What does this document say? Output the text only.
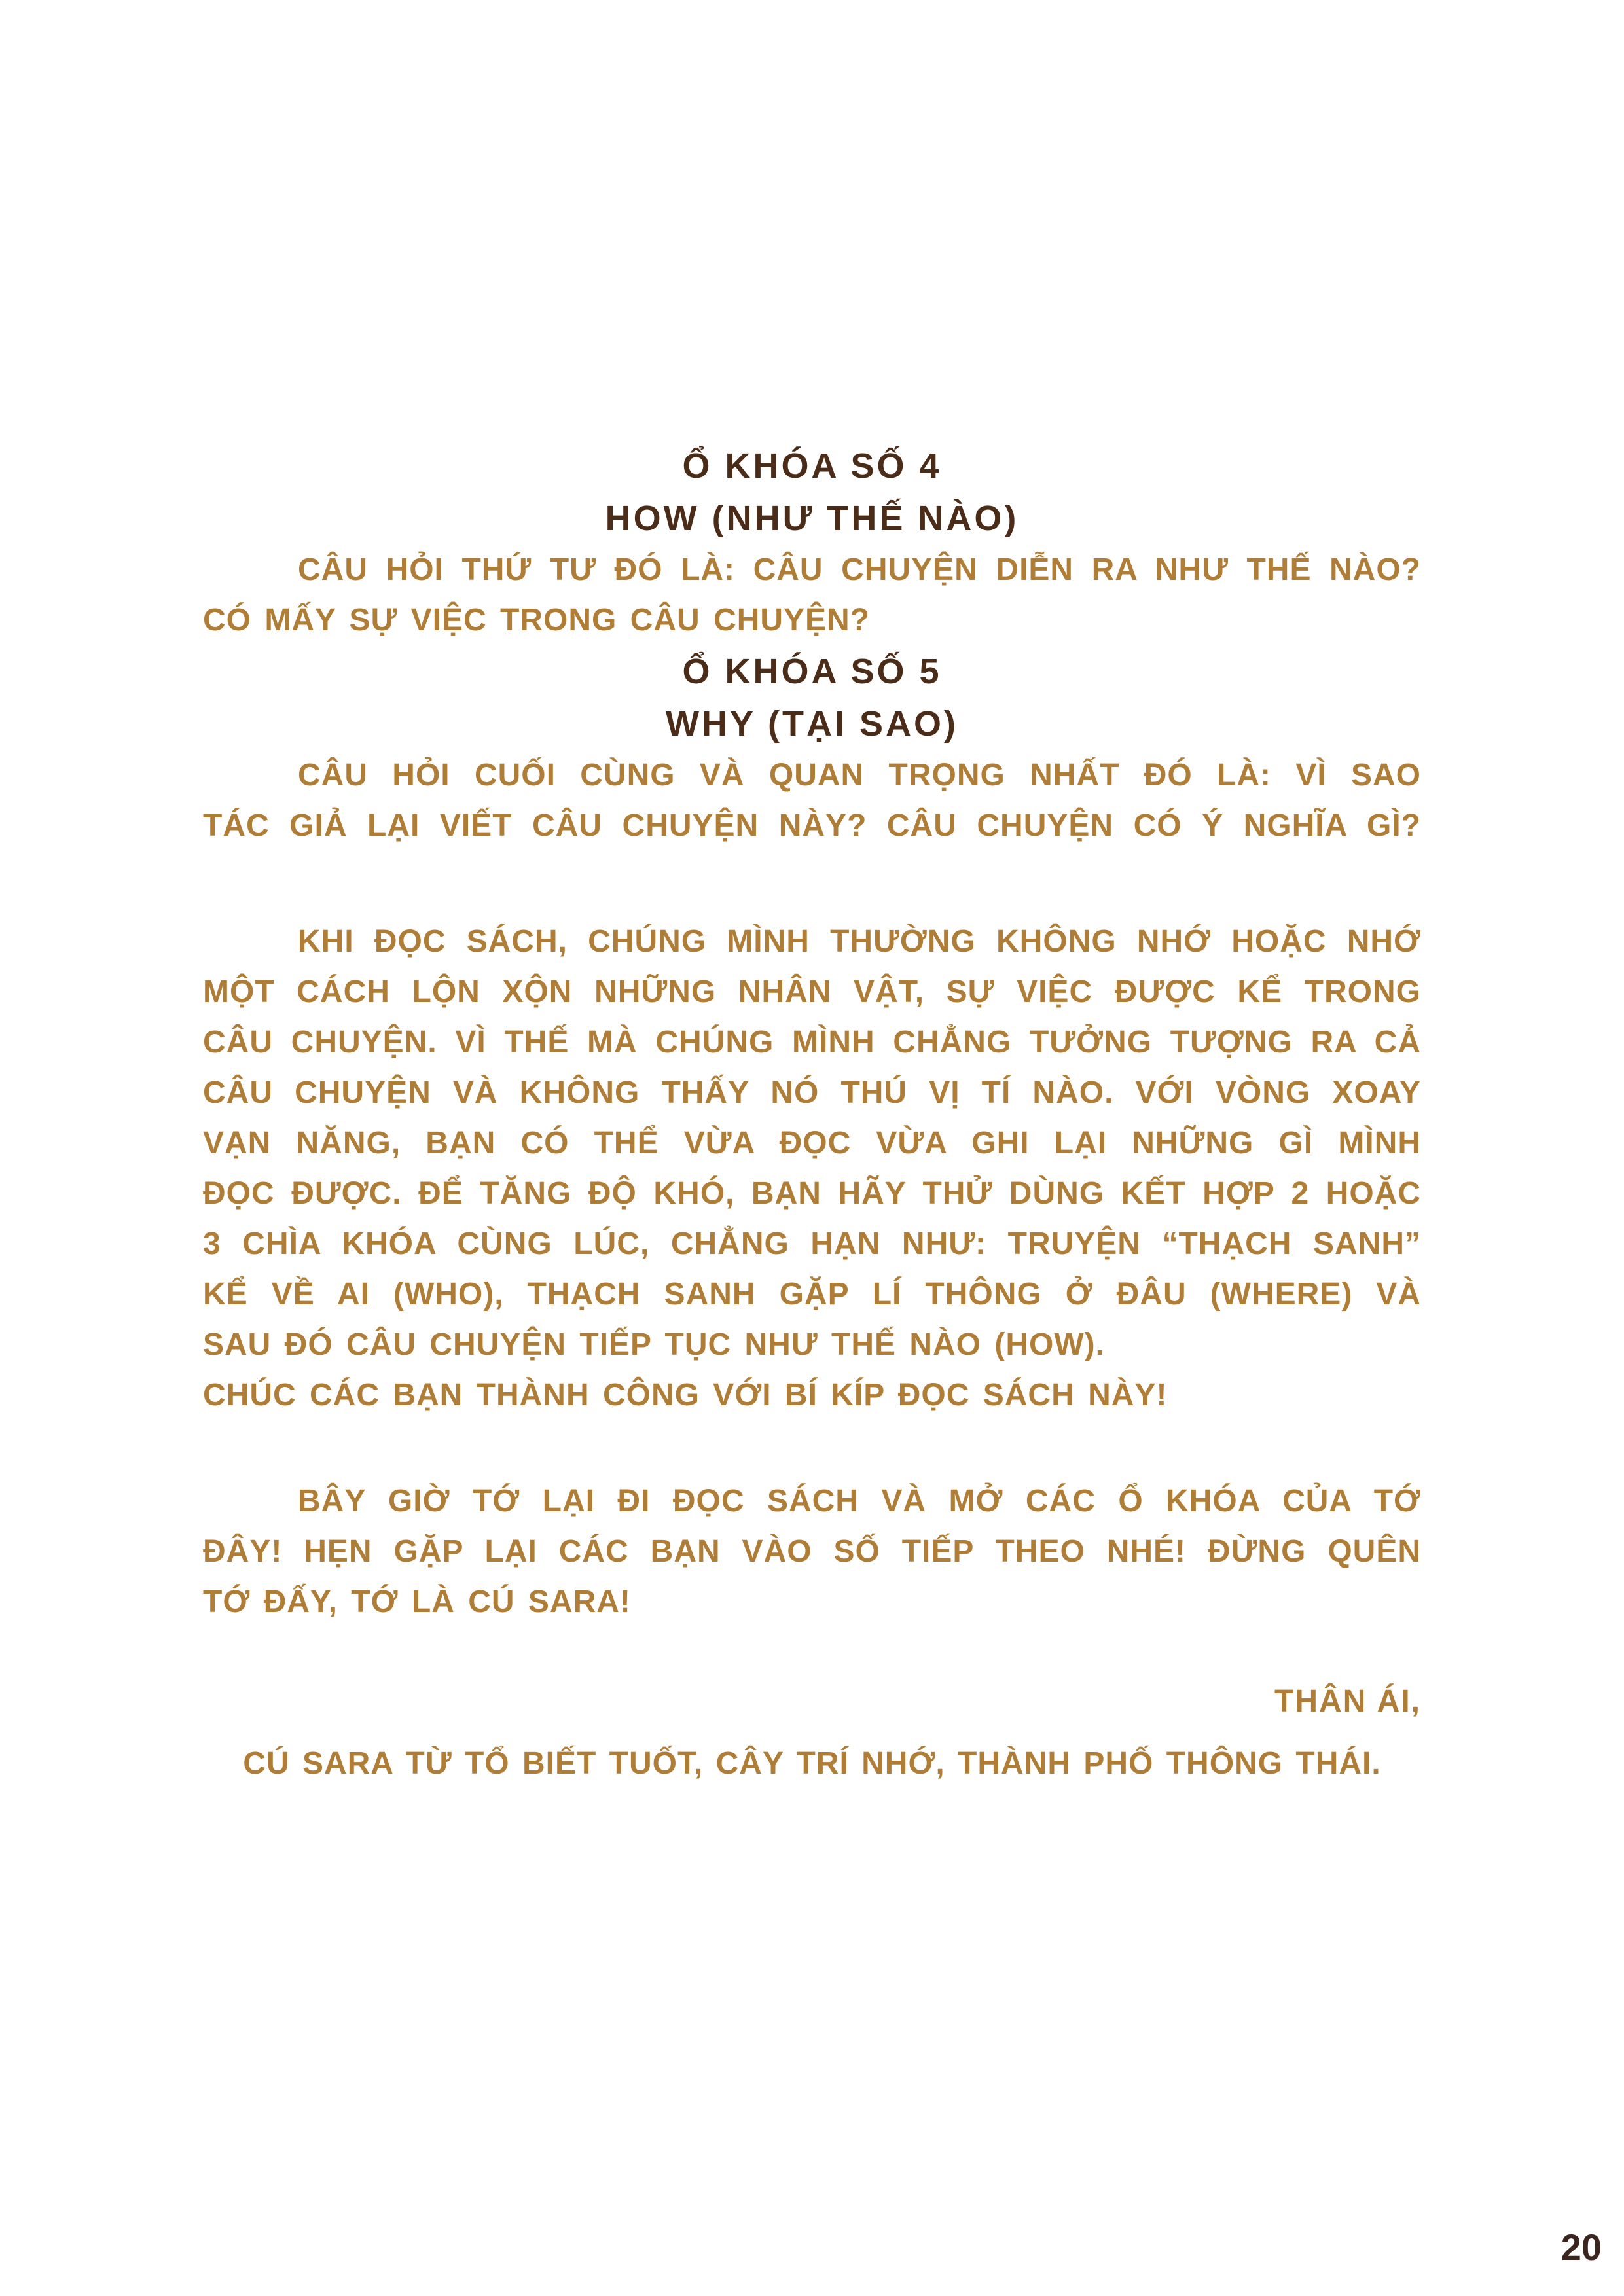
Ổ KHÓA SỐ 4
HOW (NHƯ THẾ NÀO)
CÂU HỎI THỨ TƯ ĐÓ LÀ: CÂU CHUYỆN DIỄN RA NHƯ THẾ NÀO?
CÓ MẤY SỰ VIỆC TRONG CÂU CHUYỆN?
Ổ KHÓA SỐ 5
WHY (TẠI SAO)
CÂU HỎI CUỐI CÙNG VÀ QUAN TRỌNG NHẤT ĐÓ LÀ: VÌ SAO
TÁC GIẢ LẠI VIẾT CÂU CHUYỆN NÀY? CÂU CHUYỆN CÓ Ý NGHĨA GÌ?
KHI ĐỌC SÁCH, CHÚNG MÌNH THƯỜNG KHÔNG NHỚ HOẶC NHỚ
MỘT CÁCH LỘN XỘN NHỮNG NHÂN VẬT, SỰ VIỆC ĐƯỢC KỂ TRONG
CÂU CHUYỆN. VÌ THẾ MÀ CHÚNG MÌNH CHẲNG TƯỞNG TƯỢNG RA CẢ
CÂU CHUYỆN VÀ KHÔNG THẤY NÓ THÚ VỊ TÍ NÀO. VỚI VÒNG XOAY
VẠN NĂNG, BẠN CÓ THỂ VỪA ĐỌC VỪA GHI LẠI NHỮNG GÌ MÌNH
ĐỌC ĐƯỢC. ĐỂ TĂNG ĐỘ KHÓ, BẠN HÃY THỬ DÙNG KẾT HỢP 2 HOẶC
3 CHÌA KHÓA CÙNG LÚC, CHẲNG HẠN NHƯ: TRUYỆN “THẠCH SANH”
KỂ VỀ AI (WHO), THẠCH SANH GẶP LÍ THÔNG Ở ĐÂU (WHERE) VÀ
SAU ĐÓ CÂU CHUYỆN TIẾP TỤC NHƯ THẾ NÀO (HOW).
CHÚC CÁC BẠN THÀNH CÔNG VỚI BÍ KÍP ĐỌC SÁCH NÀY!
BÂY GIỜ TỚ LẠI ĐI ĐỌC SÁCH VÀ MỞ CÁC Ổ KHÓA CỦA TỚ
ĐÂY! HẸN GẶP LẠI CÁC BẠN VÀO SỐ TIẾP THEO NHÉ! ĐỪNG QUÊN
TỚ ĐẤY, TỚ LÀ CÚ SARA!
THÂN ÁI,
CÚ SARA TỪ TỔ BIẾT TUỐT, CÂY TRÍ NHỚ, THÀNH PHỐ THÔNG THÁI.
20
